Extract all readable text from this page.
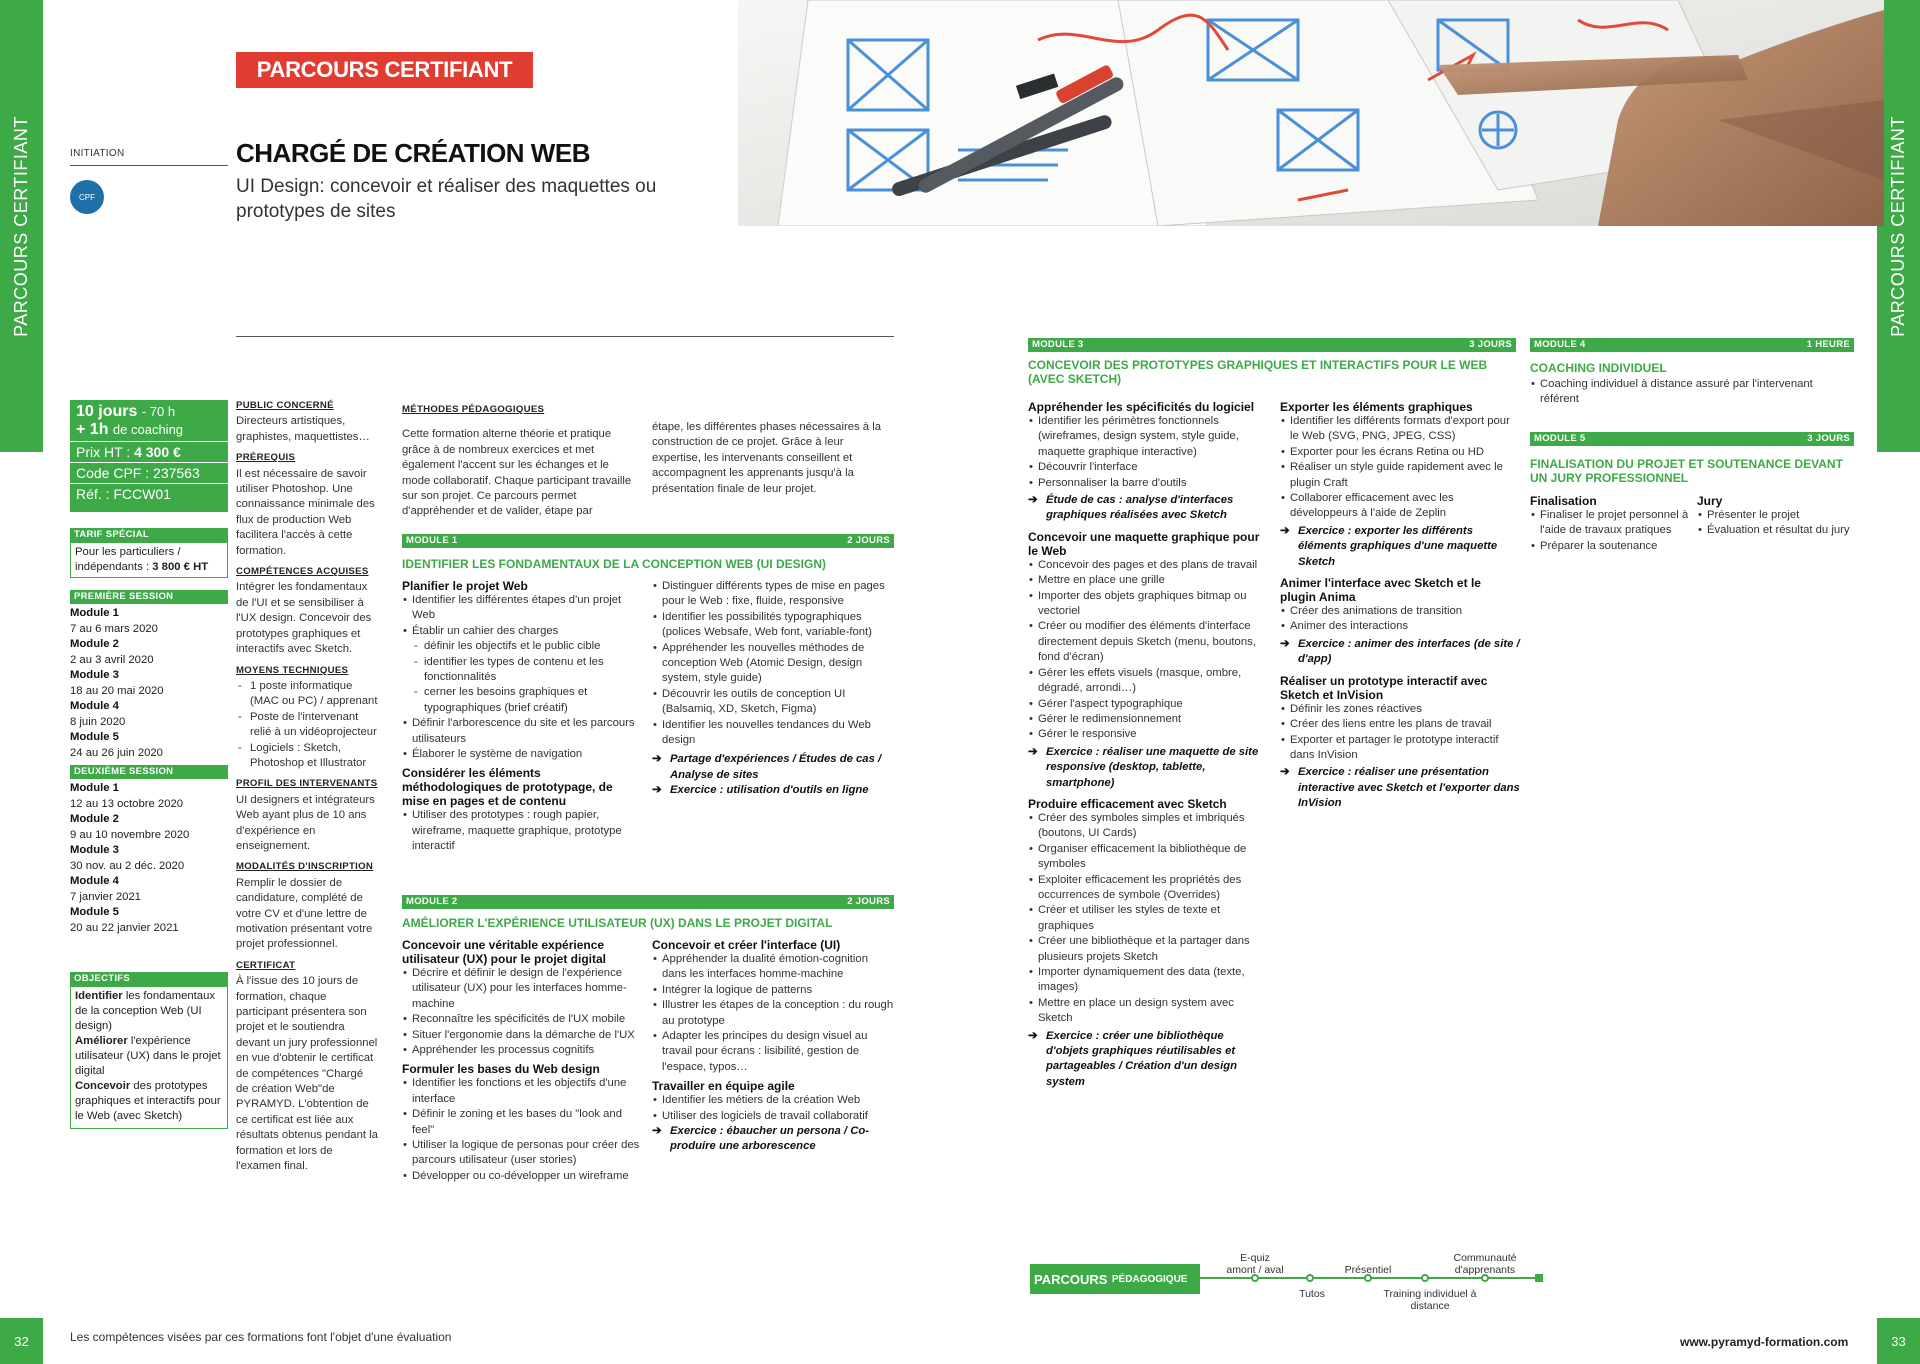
PARCOURS CERTIFIANT
32
PARCOURS CERTIFIANT
33
PARCOURS CERTIFIANT
INITIATION
CPF
CHARGÉ DE CRÉATION WEB
UI Design: concevoir et réaliser des maquettes ou prototypes de sites
10 jours - 70 h
+ 1h de coaching
Prix HT : 4 300 €
Code CPF : 237563
Réf. : FCCW01
TARIF SPÉCIAL
Pour les particuliers / indépendants : 3 800 € HT
PREMIÈRE SESSION
Module 1
7 au 6 mars 2020
Module 2
2 au 3 avril 2020
Module 3
18 au 20 mai 2020
Module 4
8 juin 2020
Module 5
24 au 26 juin 2020
DEUXIÈME SESSION
Module 1
12 au 13 octobre 2020
Module 2
9 au 10 novembre 2020
Module 3
30 nov. au 2 déc. 2020
Module 4
7 janvier 2021
Module 5
20 au 22 janvier 2021
OBJECTIFS
Identifier les fondamentaux de la conception Web (UI design)
Améliorer l'expérience utilisateur (UX) dans le projet digital
Concevoir des prototypes graphiques et interactifs pour le Web (avec Sketch)
PUBLIC CONCERNÉ
Directeurs artistiques, graphistes, maquettistes…
PRÉREQUIS
Il est nécessaire de savoir utiliser Photoshop. Une connaissance minimale des flux de production Web facilitera l'accès à cette formation.
COMPÉTENCES ACQUISES
Intégrer les fondamentaux de l'UI et se sensibiliser à l'UX design. Concevoir des prototypes graphiques et interactifs avec Sketch.
MOYENS TECHNIQUES
- 1 poste informatique (MAC ou PC) / apprenant
- Poste de l'intervenant relié à un vidéoprojecteur
- Logiciels : Sketch, Photoshop et Illustrator
PROFIL DES INTERVENANTS
UI designers et intégrateurs Web ayant plus de 10 ans d'expérience en enseignement.
MODALITÉS D'INSCRIPTION
Remplir le dossier de candidature, complété de votre CV et d'une lettre de motivation présentant votre projet professionnel.
CERTIFICAT
À l'issue des 10 jours de formation, chaque participant présentera son projet et le soutiendra devant un jury professionnel en vue d'obtenir le certificat de compétences "Chargé de création Web"de PYRAMYD. L'obtention de ce certificat est liée aux résultats obtenus pendant la formation et lors de l'examen final.
MÉTHODES PÉDAGOGIQUES
Cette formation alterne théorie et pratique grâce à de nombreux exercices et met également l'accent sur les échanges et le mode collaboratif. Chaque participant travaille sur son projet. Ce parcours permet d'appréhender et de valider, étape par
étape, les différentes phases nécessaires à la construction de ce projet. Grâce à leur expertise, les intervenants conseillent et accompagnent les apprenants jusqu'à la présentation finale de leur projet.
MODULE 1	2 JOURS
IDENTIFIER LES FONDAMENTAUX DE LA CONCEPTION WEB (UI DESIGN)
Planifier le projet Web
• Identifier les différentes étapes d'un projet Web
• Établir un cahier des charges
- définir les objectifs et le public cible
- identifier les types de contenu et les fonctionnalités
- cerner les besoins graphiques et typographiques (brief créatif)
• Définir l'arborescence du site et les parcours utilisateurs
• Élaborer le système de navigation
Considérer les éléments méthodologiques de prototypage, de mise en pages et de contenu
• Utiliser des prototypes : rough papier, wireframe, maquette graphique, prototype interactif
• Distinguer différents types de mise en pages pour le Web : fixe, fluide, responsive
• Identifier les possibilités typographiques (polices Websafe, Web font, variable-font)
• Appréhender les nouvelles méthodes de conception Web (Atomic Design, design system, style guide)
• Découvrir les outils de conception UI (Balsamiq, XD, Sketch, Figma)
• Identifier les nouvelles tendances du Web design
➔ Partage d'expériences / Études de cas / Analyse de sites
➔ Exercice : utilisation d'outils en ligne
MODULE 2	2 JOURS
AMÉLIORER L'EXPÉRIENCE UTILISATEUR (UX) DANS LE PROJET DIGITAL
Concevoir une véritable expérience utilisateur (UX) pour le projet digital
• Décrire et définir le design de l'expérience utilisateur (UX) pour les interfaces homme-machine
• Reconnaître les spécificités de l'UX mobile
• Situer l'ergonomie dans la démarche de l'UX
• Appréhender les processus cognitifs
Formuler les bases du Web design
• Identifier les fonctions et les objectifs d'une interface
• Définir le zoning et les bases du "look and feel"
• Utiliser la logique de personas pour créer des parcours utilisateur (user stories)
• Développer ou co-développer un wireframe
Concevoir et créer l'interface (UI)
• Appréhender la dualité émotion-cognition dans les interfaces homme-machine
• Intégrer la logique de patterns
• Illustrer les étapes de la conception : du rough au prototype
• Adapter les principes du design visuel au travail pour écrans : lisibilité, gestion de l'espace, typos…
Travailler en équipe agile
• Identifier les métiers de la création Web
• Utiliser des logiciels de travail collaboratif
➔ Exercice : ébaucher un persona / Co-produire une arborescence
MODULE 3	3 JOURS
CONCEVOIR DES PROTOTYPES GRAPHIQUES ET INTERACTIFS POUR LE WEB (AVEC SKETCH)
Appréhender les spécificités du logiciel
• Identifier les périmètres fonctionnels (wireframes, design system, style guide, maquette graphique interactive)
• Découvrir l'interface
• Personnaliser la barre d'outils
➔ Étude de cas : analyse d'interfaces graphiques réalisées avec Sketch
Concevoir une maquette graphique pour le Web
• Concevoir des pages et des plans de travail
• Mettre en place une grille
• Importer des objets graphiques bitmap ou vectoriel
• Créer ou modifier des éléments d'interface directement depuis Sketch (menu, boutons, fond d'écran)
• Gérer les effets visuels (masque, ombre, dégradé, arrondi…)
• Gérer l'aspect typographique
• Gérer le redimensionnement
• Gérer le responsive
➔ Exercice : réaliser une maquette de site responsive (desktop, tablette, smartphone)
Produire efficacement avec Sketch
• Créer des symboles simples et imbriqués (boutons, UI Cards)
• Organiser efficacement la bibliothèque de symboles
• Exploiter efficacement les propriétés des occurrences de symbole (Overrides)
• Créer et utiliser les styles de texte et graphiques
• Créer une bibliothèque et la partager dans plusieurs projets Sketch
• Importer dynamiquement des data (texte, images)
• Mettre en place un design system avec Sketch
➔ Exercice : créer une bibliothèque d'objets graphiques réutilisables et partageables / Création d'un design system
Exporter les éléments graphiques
• Identifier les différents formats d'export pour le Web (SVG, PNG, JPEG, CSS)
• Exporter pour les écrans Retina ou HD
• Réaliser un style guide rapidement avec le plugin Craft
• Collaborer efficacement avec les développeurs à l'aide de Zeplin
➔ Exercice : exporter les différents éléments graphiques d'une maquette Sketch
Animer l'interface avec Sketch et le plugin Anima
• Créer des animations de transition
• Animer des interactions
➔ Exercice : animer des interfaces (de site / d'app)
Réaliser un prototype interactif avec Sketch et InVision
• Définir les zones réactives
• Créer des liens entre les plans de travail
• Exporter et partager le prototype interactif dans InVision
➔ Exercice : réaliser une présentation interactive avec Sketch et l'exporter dans InVision
MODULE 4	1 HEURE
COACHING INDIVIDUEL
• Coaching individuel à distance assuré par l'intervenant référent
MODULE 5	3 JOURS
FINALISATION DU PROJET ET SOUTENANCE DEVANT UN JURY PROFESSIONNEL
Finalisation
• Finaliser le projet personnel à l'aide de travaux pratiques
• Préparer la soutenance
Jury
• Présenter le projet
• Évaluation et résultat du jury
PARCOURS
PÉDAGOGIQUE
E-quiz amont / aval	Présentiel
Communauté d'apprenants
Tutos	Training individuel à distance
Les compétences visées par ces formations font l'objet d'une évaluation	www.pyramyd-formation.com
